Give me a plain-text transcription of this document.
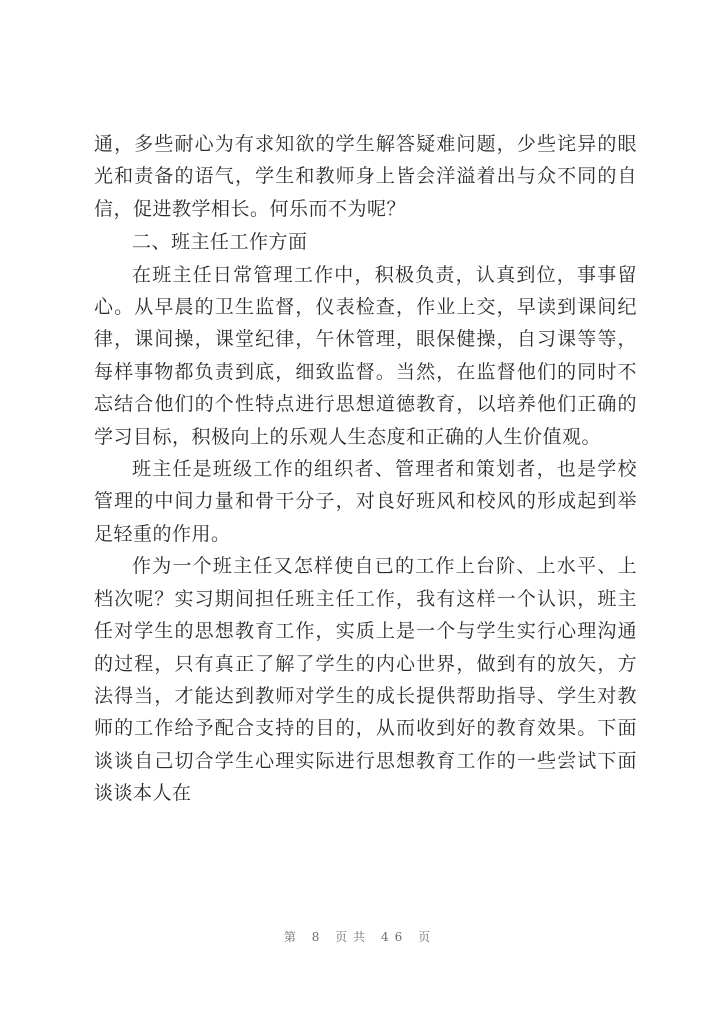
通，多些耐心为有求知欲的学生解答疑难问题，少些诧异的眼光和责备的语气，学生和教师身上皆会洋溢着出与众不同的自信，促进教学相长。何乐而不为呢？

二、班主任工作方面

在班主任日常管理工作中，积极负责，认真到位，事事留心。从早晨的卫生监督，仪表检查，作业上交，早读到课间纪律，课间操，课堂纪律，午休管理，眼保健操，自习课等等，每样事物都负责到底，细致监督。当然，在监督他们的同时不忘结合他们的个性特点进行思想道德教育，以培养他们正确的学习目标，积极向上的乐观人生态度和正确的人生价值观。

班主任是班级工作的组织者、管理者和策划者，也是学校管理的中间力量和骨干分子，对良好班风和校风的形成起到举足轻重的作用。

作为一个班主任又怎样使自已的工作上台阶、上水平、上档次呢？实习期间担任班主任工作，我有这样一个认识，班主任对学生的思想教育工作，实质上是一个与学生实行心理沟通的过程，只有真正了解了学生的内心世界，做到有的放矢，方法得当，才能达到教师对学生的成长提供帮助指导、学生对教师的工作给予配合支持的目的，从而收到好的教育效果。下面谈谈自己切合学生心理实际进行思想教育工作的一些尝试下面谈谈本人在

第 8 页共 46 页
